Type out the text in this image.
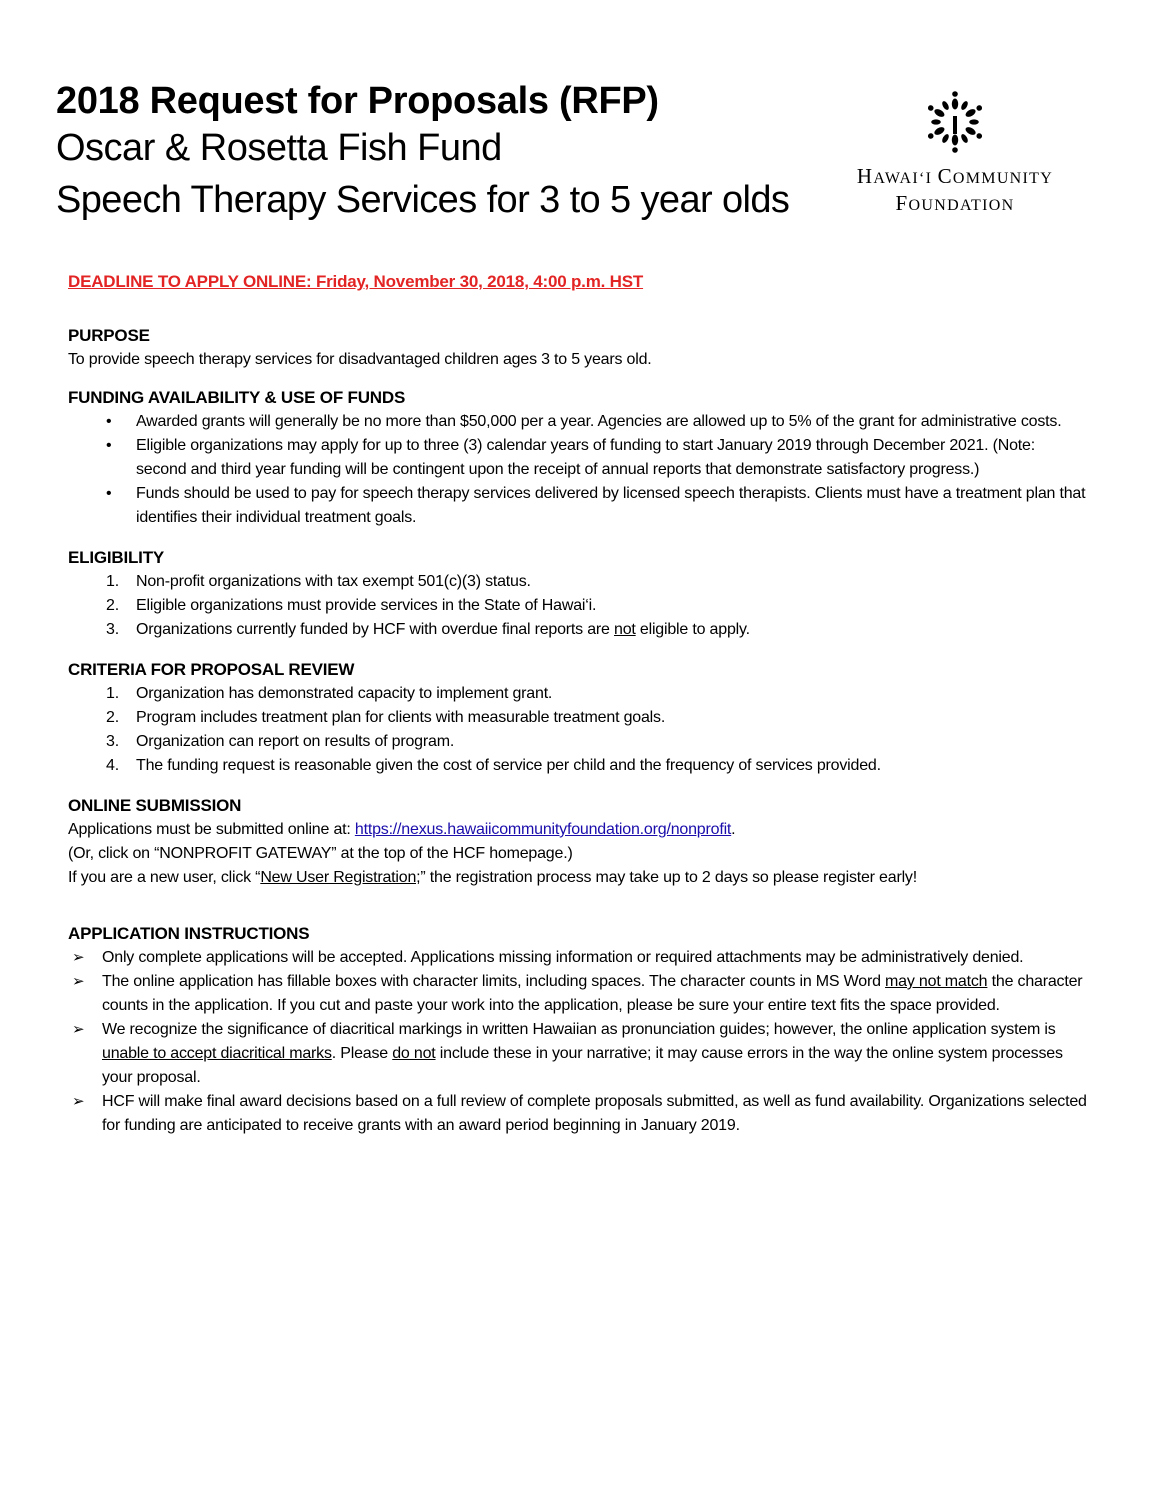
2018 Request for Proposals (RFP)
Oscar & Rosetta Fish Fund
Speech Therapy Services for 3 to 5 year olds
HAWAI‘I COMMUNITY
FOUNDATION

DEADLINE TO APPLY ONLINE: Friday, November 30, 2018, 4:00 p.m. HST

PURPOSE

To provide speech therapy services for disadvantaged children ages 3 to 5 years old.

FUNDING AVAILABILITY & USE OF FUNDS
• Awarded grants will generally be no more than $50,000 per a year. Agencies are allowed up to 5% of the grant for administrative costs.
• Eligible organizations may apply for up to three (3) calendar years of funding to start January 2019 through December 2021. (Note: second and third year funding will be contingent upon the receipt of annual reports that demonstrate satisfactory progress.)
• Funds should be used to pay for speech therapy services delivered by licensed speech therapists. Clients must have a treatment plan that identifies their individual treatment goals.
ELIGIBILITY
1. Non-profit organizations with tax exempt 501(c)(3) status.
2. Eligible organizations must provide services in the State of Hawai‘i.
3. Organizations currently funded by HCF with overdue final reports are not eligible to apply.
CRITERIA FOR PROPOSAL REVIEW
1. Organization has demonstrated capacity to implement grant.
2. Program includes treatment plan for clients with measurable treatment goals.
3. Organization can report on results of program.
4. The funding request is reasonable given the cost of service per child and the frequency of services provided.
ONLINE SUBMISSION

Applications must be submitted online at: https://nexus.hawaiicommunityfoundation.org/nonprofit.

(Or, click on “NONPROFIT GATEWAY” at the top of the HCF homepage.)

If you are a new user, click “New User Registration;” the registration process may take up to 2 days so please register early!

APPLICATION INSTRUCTIONS
➢ Only complete applications will be accepted. Applications missing information or required attachments may be administratively denied.
➢ The online application has fillable boxes with character limits, including spaces. The character counts in MS Word may not match the character counts in the application. If you cut and paste your work into the application, please be sure your entire text fits the space provided.
➢ We recognize the significance of diacritical markings in written Hawaiian as pronunciation guides; however, the online application system is unable to accept diacritical marks. Please do not include these in your narrative; it may cause errors in the way the online system processes your proposal.
➢ HCF will make final award decisions based on a full review of complete proposals submitted, as well as fund availability. Organizations selected for funding are anticipated to receive grants with an award period beginning in January 2019.
